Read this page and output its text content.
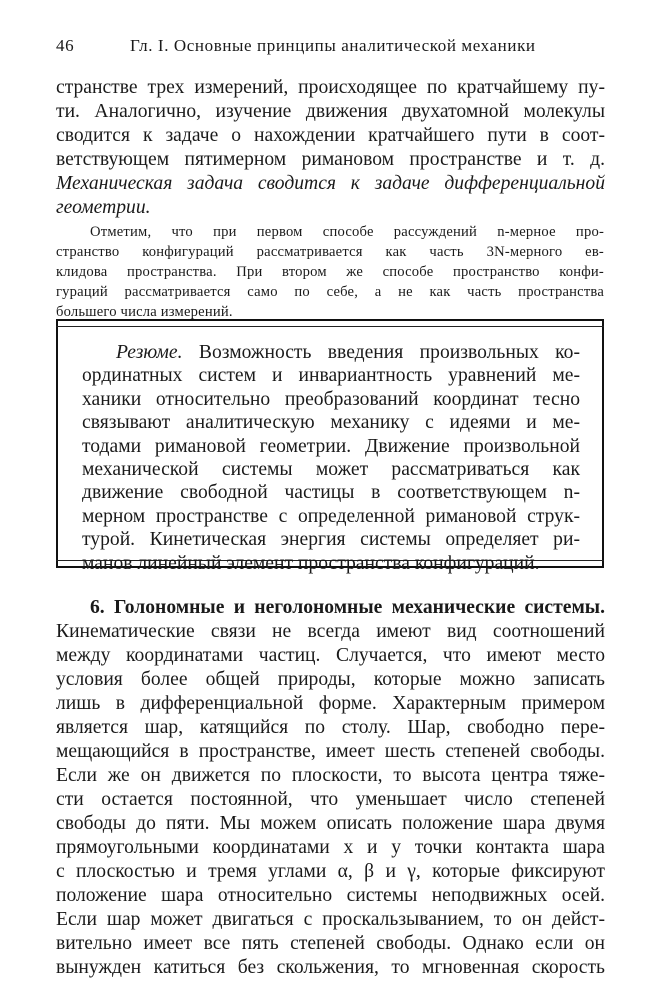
46	Гл. I. Основные принципы аналитической механики
странстве трех измерений, происходящее по кратчайшему пу-
ти. Аналогично, изучение движения двухатомной молекулы
сводится к задаче о нахождении кратчайшего пути в соот-
ветствующем пятимерном римановом пространстве и т. д.
Механическая задача сводится к задаче дифференциальной
геометрии.
Отметим, что при первом способе рассуждений n-мерное про-
странство конфигураций рассматривается как часть 3N-мерного ев-
клидова пространства. При втором же способе пространство конфи-
гураций рассматривается само по себе, а не как часть пространства
большего числа измерений.
Резюме. Возможность введения произвольных ко-
ординатных систем и инвариантность уравнений ме-
ханики относительно преобразований координат тесно
связывают аналитическую механику с идеями и ме-
тодами римановой геометрии. Движение произвольной
механической системы может рассматриваться как
движение свободной частицы в соответствующем n-
мерном пространстве с определенной римановой струк-
турой. Кинетическая энергия системы определяет ри-
6. Голономные и неголономные механические системы.
Кинематические связи не всегда имеют вид соотношений
между координатами частиц. Случается, что имеют место
условия более общей природы, которые можно записать
лишь в дифференциальной форме. Характерным примером
является шар, катящийся по столу. Шар, свободно пере-
мещающийся в пространстве, имеет шесть степеней свободы.
Если же он движется по плоскости, то высота центра тяже-
сти остается постоянной, что уменьшает число степеней
свободы до пяти. Мы можем описать положение шара двумя
прямоугольными координатами x и y точки контакта шара
с плоскостью и тремя углами α, β и γ, которые фиксируют
положение шара относительно системы неподвижных осей.
Если шар может двигаться с проскальзыванием, то он дейст-
вительно имеет все пять степеней свободы. Однако если он
вынужден катиться без скольжения, то мгновенная скорость
манов линейный элемент пространства конфигураций.
